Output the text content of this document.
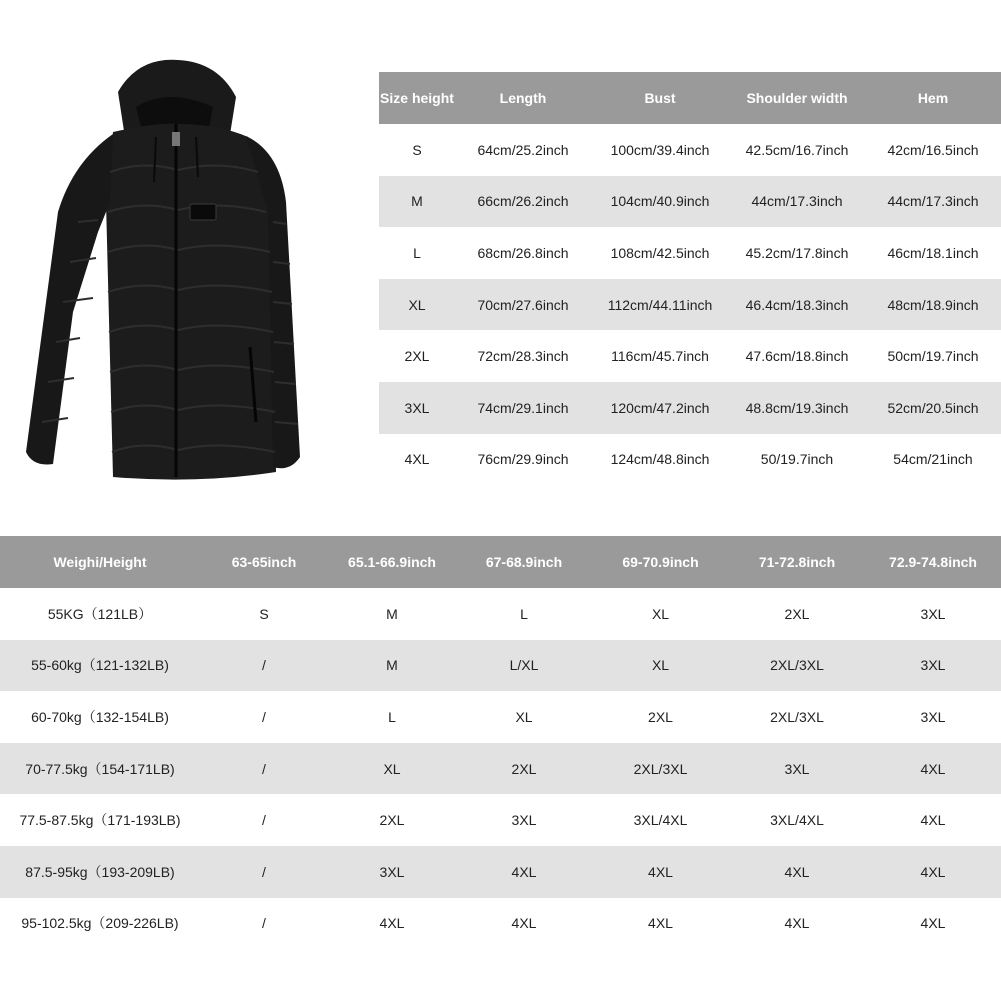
Size height	Length	Bust	Shoulder width	Hem
S	64cm/25.2inch	100cm/39.4inch	42.5cm/16.7inch	42cm/16.5inch
M	66cm/26.2inch	104cm/40.9inch	44cm/17.3inch	44cm/17.3inch
L	68cm/26.8inch	108cm/42.5inch	45.2cm/17.8inch	46cm/18.1inch
XL	70cm/27.6inch	112cm/44.11inch	46.4cm/18.3inch	48cm/18.9inch
2XL	72cm/28.3inch	116cm/45.7inch	47.6cm/18.8inch	50cm/19.7inch
3XL	74cm/29.1inch	120cm/47.2inch	48.8cm/19.3inch	52cm/20.5inch
4XL	76cm/29.9inch	124cm/48.8inch	50/19.7inch	54cm/21inch
Weighi/Height	63-65inch	65.1-66.9inch	67-68.9inch	69-70.9inch	71-72.8inch	72.9-74.8inch
55KG（121LB）	S	M	L	XL	2XL	3XL
55-60kg（121-132LB)	/	M	L/XL	XL	2XL/3XL	3XL
60-70kg（132-154LB)	/	L	XL	2XL	2XL/3XL	3XL
70-77.5kg（154-171LB)	/	XL	2XL	2XL/3XL	3XL	4XL
77.5-87.5kg（171-193LB)	/	2XL	3XL	3XL/4XL	3XL/4XL	4XL
87.5-95kg（193-209LB)	/	3XL	4XL	4XL	4XL	4XL
95-102.5kg（209-226LB)	/	4XL	4XL	4XL	4XL	4XL
